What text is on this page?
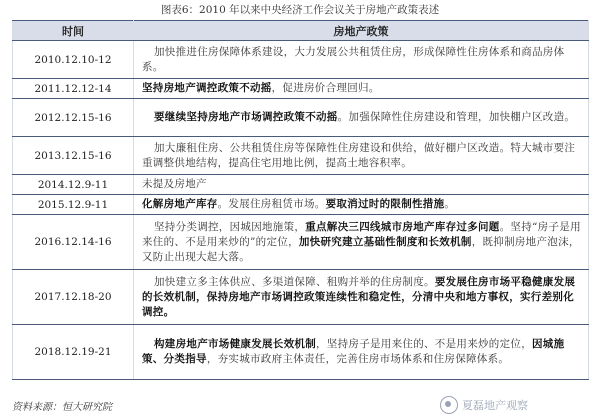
图表6：2010 年以来中央经济工作会议关于房地产政策表述
时间	房地产政策
2010.12.10-12	加快推进住房保障体系建设，大力发展公共租赁住房，形成保障性住房体系和商品房体系。
2011.12.12-14	坚持房地产调控政策不动摇，促进房价合理回归。
2012.12.15-16	要继续坚持房地产市场调控政策不动摇。加强保障性住房建设和管理，加快棚户区改造。
2013.12.15-16	加大廉租住房、公共租赁住房等保障性住房建设和供给，做好棚户区改造。特大城市要注重调整供地结构，提高住宅用地比例，提高土地容积率。
2014.12.9-11	未提及房地产
2015.12.9-11	化解房地产库存。发展住房租赁市场。要取消过时的限制性措施。
2016.12.14-16	坚持分类调控，因城因地施策，重点解决三四线城市房地产库存过多问题。坚持“房子是用来住的、不是用来炒的”的定位，加快研究建立基础性制度和长效机制，既抑制房地产泡沫，又防止出现大起大落。
2017.12.18-20	加快建立多主体供应、多渠道保障、租购并举的住房制度。要发展住房市场平稳健康发展的长效机制，保持房地产市场调控政策连续性和稳定性，分清中央和地方事权，实行差别化调控。
2018.12.19-21	构建房地产市场健康发展长效机制，坚持房子是用来住的、不是用来炒的定位，因城施策、分类指导，夯实城市政府主体责任，完善住房市场体系和住房保障体系。
资料来源：恒大研究院	夏磊地产观察
